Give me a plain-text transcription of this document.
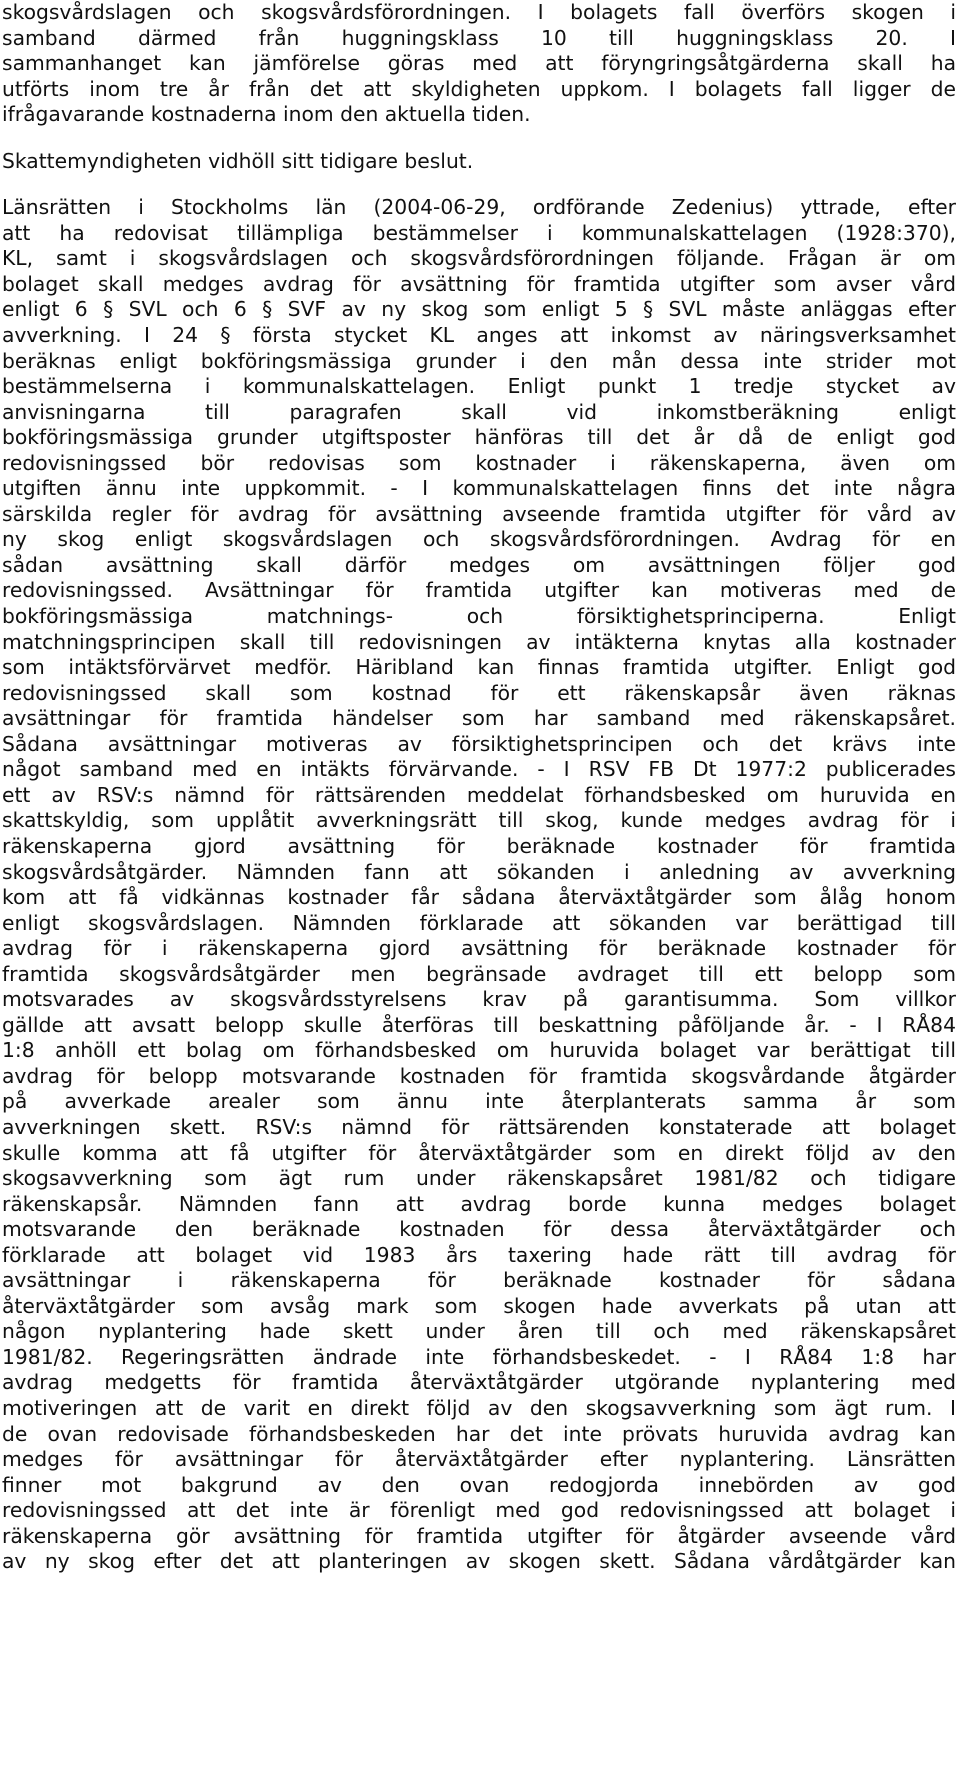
skogsvårdslagen och skogsvårdsförordningen. I bolagets fall överförs skogen i
samband därmed från huggningsklass 10 till huggningsklass 20. I
sammanhanget kan jämförelse göras med att föryngringsåtgärderna skall ha
utförts inom tre år från det att skyldigheten uppkom. I bolagets fall ligger de
ifrågavarande kostnaderna inom den aktuella tiden.
Skattemyndigheten vidhöll sitt tidigare beslut.
Länsrätten i Stockholms län (2004-06-29, ordförande Zedenius) yttrade, efter
att ha redovisat tillämpliga bestämmelser i kommunalskattelagen (1928:370),
KL, samt i skogsvårdslagen och skogsvårdsförordningen följande. Frågan är om
bolaget skall medges avdrag för avsättning för framtida utgifter som avser vård
enligt 6 § SVL och 6 § SVF av ny skog som enligt 5 § SVL måste anläggas efter
avverkning. I 24 § första stycket KL anges att inkomst av näringsverksamhet
beräknas enligt bokföringsmässiga grunder i den mån dessa inte strider mot
bestämmelserna i kommunalskattelagen. Enligt punkt 1 tredje stycket av
anvisningarna till paragrafen skall vid inkomstberäkning enligt
bokföringsmässiga grunder utgiftsposter hänföras till det år då de enligt god
redovisningssed bör redovisas som kostnader i räkenskaperna, även om
utgiften ännu inte uppkommit. - I kommunalskattelagen finns det inte några
särskilda regler för avdrag för avsättning avseende framtida utgifter för vård av
ny skog enligt skogsvårdslagen och skogsvårdsförordningen. Avdrag för en
sådan avsättning skall därför medges om avsättningen följer god
redovisningssed. Avsättningar för framtida utgifter kan motiveras med de
bokföringsmässiga matchnings- och försiktighetsprinciperna. Enligt
matchningsprincipen skall till redovisningen av intäkterna knytas alla kostnader
som intäktsförvärvet medför. Häribland kan finnas framtida utgifter. Enligt god
redovisningssed skall som kostnad för ett räkenskapsår även räknas
avsättningar för framtida händelser som har samband med räkenskapsåret.
Sådana avsättningar motiveras av försiktighetsprincipen och det krävs inte
något samband med en intäkts förvärvande. - I RSV FB Dt 1977:2 publicerades
ett av RSV:s nämnd för rättsärenden meddelat förhandsbesked om huruvida en
skattskyldig, som upplåtit avverkningsrätt till skog, kunde medges avdrag för i
räkenskaperna gjord avsättning för beräknade kostnader för framtida
skogsvårdsåtgärder. Nämnden fann att sökanden i anledning av avverkning
kom att få vidkännas kostnader får sådana återväxtåtgärder som ålåg honom
enligt skogsvårdslagen. Nämnden förklarade att sökanden var berättigad till
avdrag för i räkenskaperna gjord avsättning för beräknade kostnader för
framtida skogsvårdsåtgärder men begränsade avdraget till ett belopp som
motsvarades av skogsvårdsstyrelsens krav på garantisumma. Som villkor
gällde att avsatt belopp skulle återföras till beskattning påföljande år. - I RÅ84
1:8 anhöll ett bolag om förhandsbesked om huruvida bolaget var berättigat till
avdrag för belopp motsvarande kostnaden för framtida skogsvårdande åtgärder
på avverkade arealer som ännu inte återplanterats samma år som
avverkningen skett. RSV:s nämnd för rättsärenden konstaterade att bolaget
skulle komma att få utgifter för återväxtåtgärder som en direkt följd av den
skogsavverkning som ägt rum under räkenskapsåret 1981/82 och tidigare
räkenskapsår. Nämnden fann att avdrag borde kunna medges bolaget
motsvarande den beräknade kostnaden för dessa återväxtåtgärder och
förklarade att bolaget vid 1983 års taxering hade rätt till avdrag för
avsättningar i räkenskaperna för beräknade kostnader för sådana
återväxtåtgärder som avsåg mark som skogen hade avverkats på utan att
någon nyplantering hade skett under åren till och med räkenskapsåret
1981/82. Regeringsrätten ändrade inte förhandsbeskedet. - I RÅ84 1:8 har
avdrag medgetts för framtida återväxtåtgärder utgörande nyplantering med
motiveringen att de varit en direkt följd av den skogsavverkning som ägt rum. I
de ovan redovisade förhandsbeskeden har det inte prövats huruvida avdrag kan
medges för avsättningar för återväxtåtgärder efter nyplantering. Länsrätten
finner mot bakgrund av den ovan redogjorda innebörden av god
redovisningssed att det inte är förenligt med god redovisningssed att bolaget i
räkenskaperna gör avsättning för framtida utgifter för åtgärder avseende vård
av ny skog efter det att planteringen av skogen skett. Sådana vårdåtgärder kan
